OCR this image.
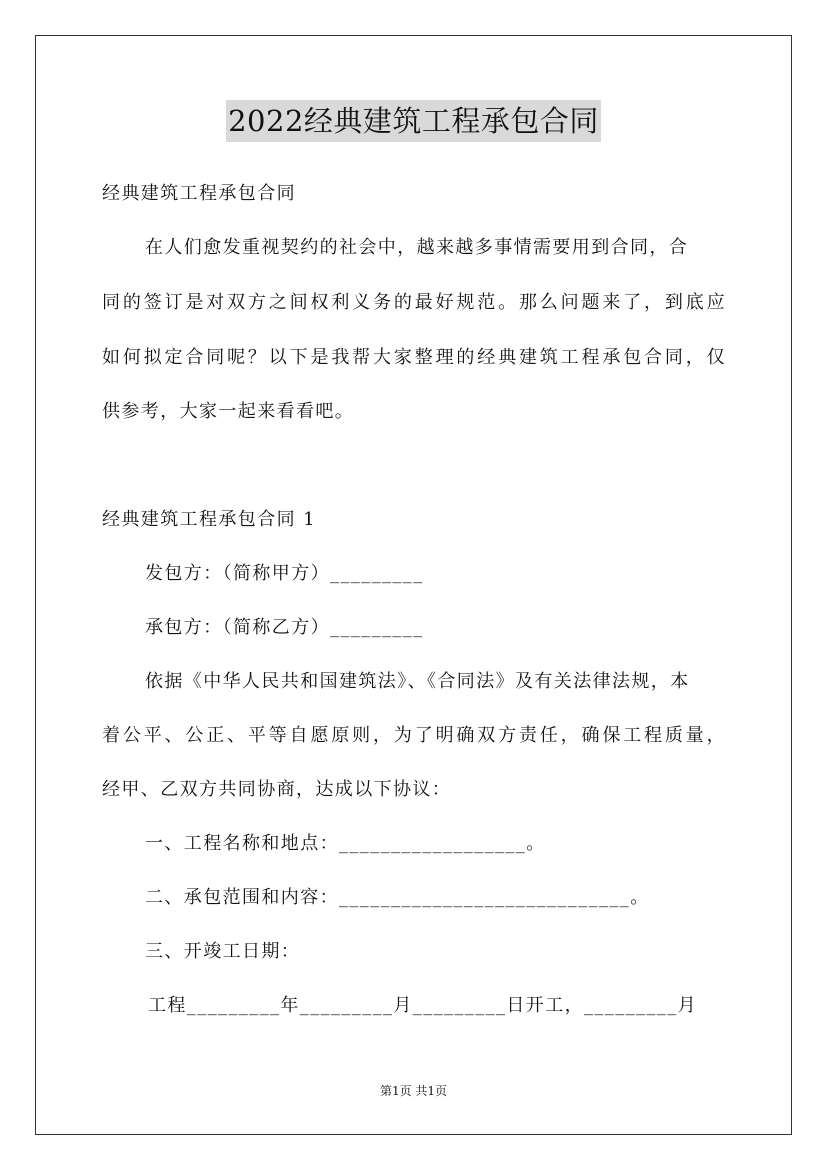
2022经典建筑工程承包合同
经典建筑工程承包合同
在人们愈发重视契约的社会中，越来越多事情需要用到合同，合
同的签订是对双方之间权利义务的最好规范。那么问题来了，到底应
如何拟定合同呢？以下是我帮大家整理的经典建筑工程承包合同，仅
供参考，大家一起来看看吧。
经典建筑工程承包合同 1
发包方：（简称甲方）_________
承包方：（简称乙方）_________
依据《中华人民共和国建筑法》、《合同法》及有关法律法规，本
着公平、公正、平等自愿原则，为了明确双方责任，确保工程质量，
经甲、乙双方共同协商，达成以下协议：
一、工程名称和地点：__________________。
二、承包范围和内容：____________________________。
三、开竣工日期：
工程_________年_________月_________日开工，_________月
第1页 共1页
